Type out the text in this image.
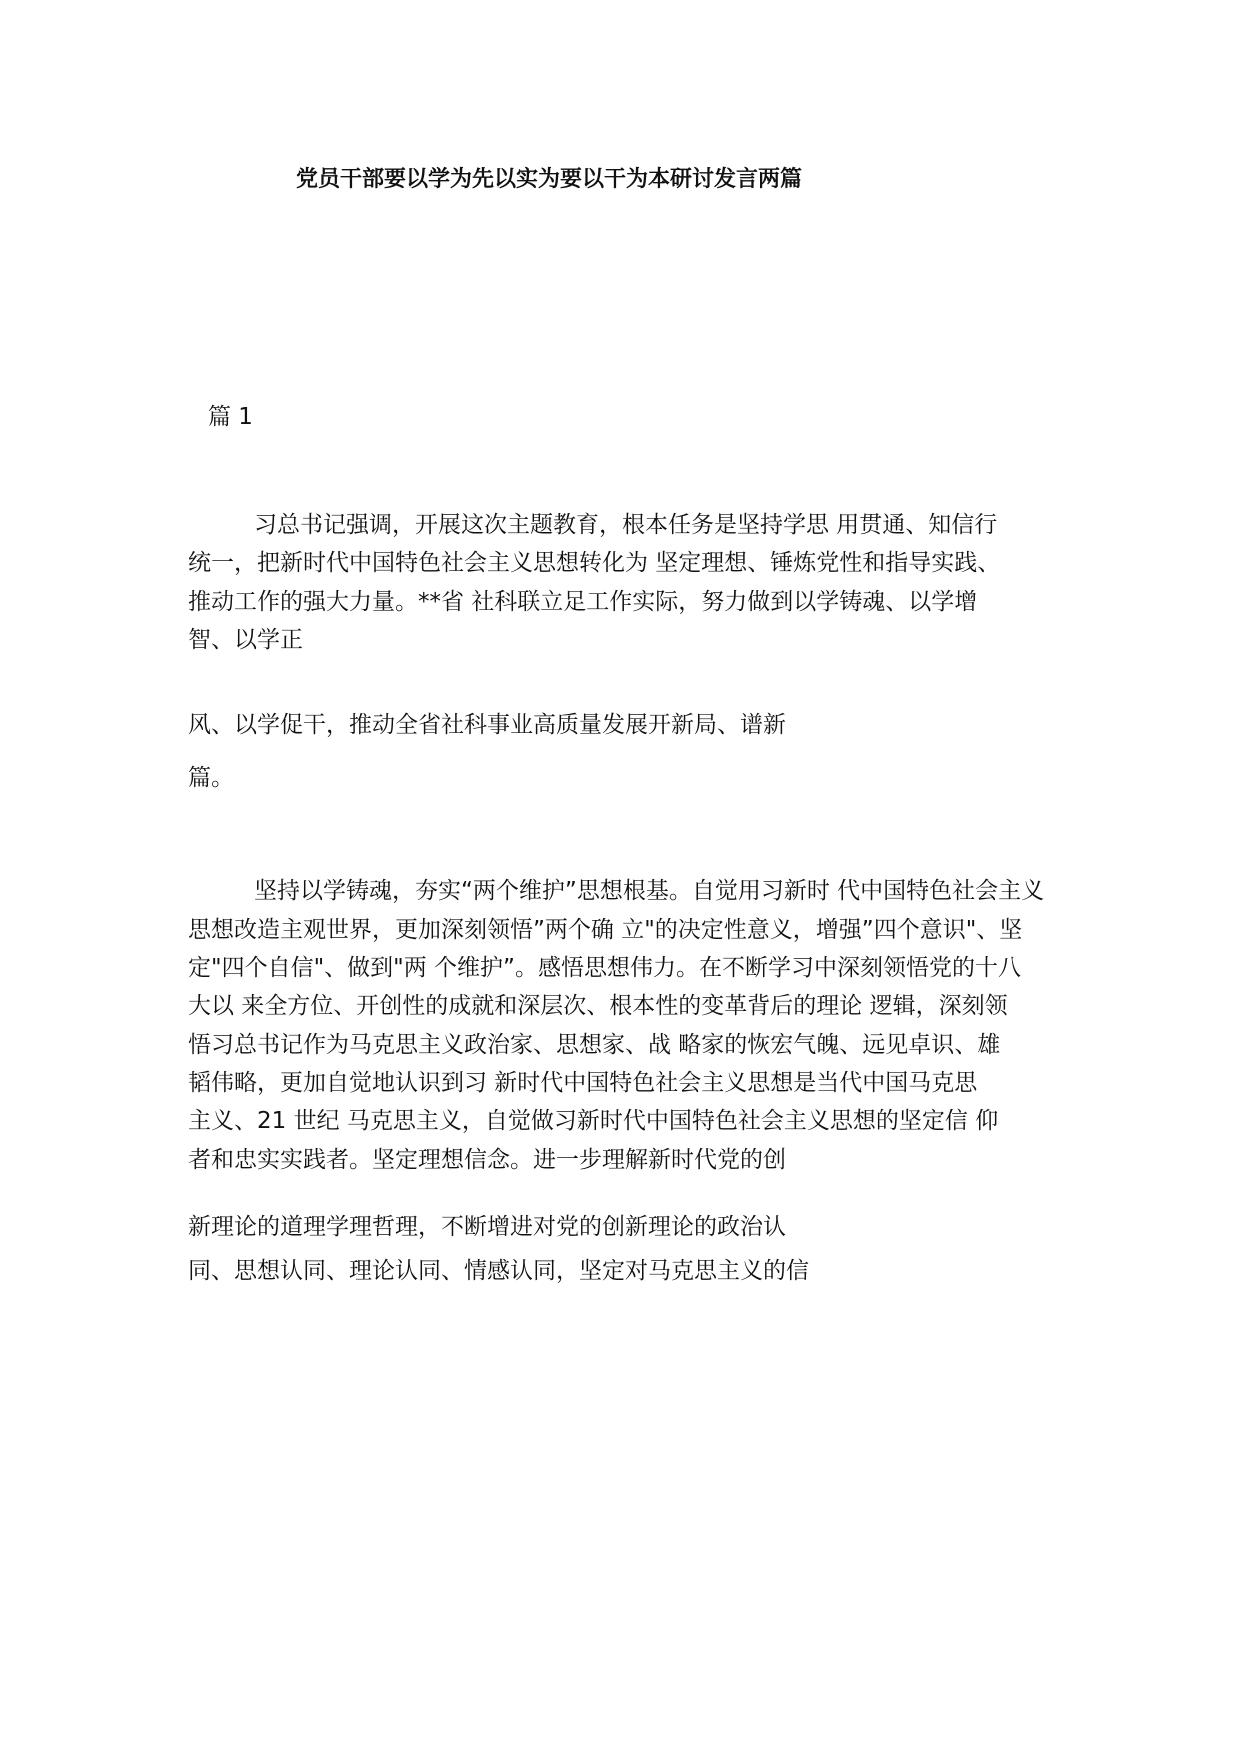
党员干部要以学为先以实为要以干为本研讨发言两篇
篇 1
习总书记强调，开展这次主题教育，根本任务是坚持学思 用贯通、知信行
统一，把新时代中国特色社会主义思想转化为 坚定理想、锤炼党性和指导实践、
推动工作的强大力量。**省 社科联立足工作实际，努力做到以学铸魂、以学增
智、以学正
风、以学促干，推动全省社科事业高质量发展开新局、谱新
篇。
坚持以学铸魂，夯实“两个维护”思想根基。自觉用习新时 代中国特色社会主义
思想改造主观世界，更加深刻领悟”两个确 立"的决定性意义，增强”四个意识"、坚
定"四个自信"、做到"两 个维护”。感悟思想伟力。在不断学习中深刻领悟党的十八
大以 来全方位、开创性的成就和深层次、根本性的变革背后的理论 逻辑，深刻领
悟习总书记作为马克思主义政治家、思想家、战 略家的恢宏气魄、远见卓识、雄
韬伟略，更加自觉地认识到习 新时代中国特色社会主义思想是当代中国马克思
主义、21 世纪 马克思主义，自觉做习新时代中国特色社会主义思想的坚定信 仰
者和忠实实践者。坚定理想信念。进一步理解新时代党的创
新理论的道理学理哲理，不断增进对党的创新理论的政治认
同、思想认同、理论认同、情感认同，坚定对马克思主义的信
